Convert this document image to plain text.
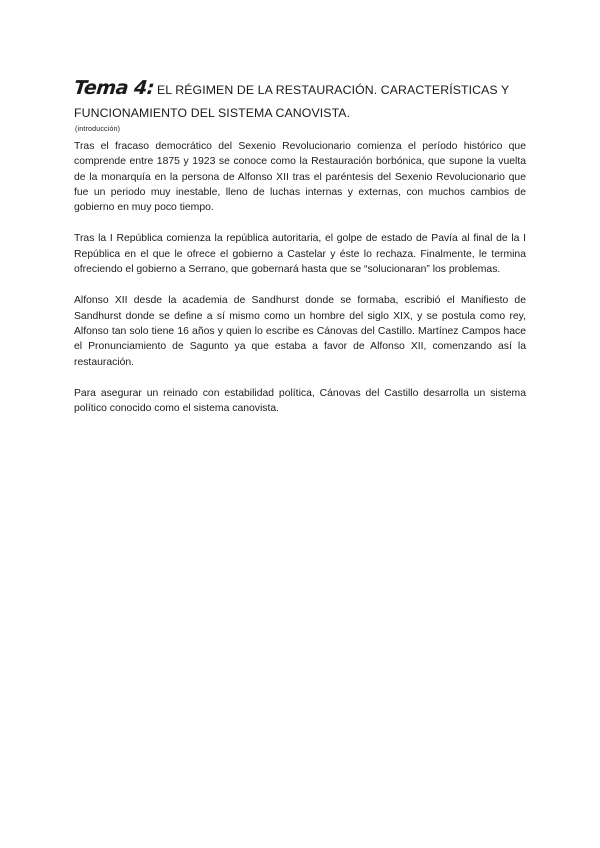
Tema 4: EL RÉGIMEN DE LA RESTAURACIÓN. CARACTERÍSTICAS Y

FUNCIONAMIENTO DEL SISTEMA CANOVISTA.

(introducción)

Tras el fracaso democrático del Sexenio Revolucionario comienza el período histórico que comprende entre 1875 y 1923 se conoce como la Restauración borbónica, que supone la vuelta de la monarquía en la persona de Alfonso XII tras el paréntesis del Sexenio Revolucionario que fue un periodo muy inestable, lleno de luchas internas y externas, con muchos cambios de gobierno en muy poco tiempo.

Tras la I República comienza la república autoritaria, el golpe de estado de Pavía al final de la I República en el que le ofrece el gobierno a Castelar y éste lo rechaza. Finalmente, le termina ofreciendo el gobierno a Serrano, que gobernará hasta que se “solucionaran” los problemas.

Alfonso XII desde la academia de Sandhurst donde se formaba, escribió el Manifiesto de Sandhurst donde se define a sí mismo como un hombre del siglo XIX, y se postula como rey, Alfonso tan solo tiene 16 años y quien lo escribe es Cánovas del Castillo. Martínez Campos hace el Pronunciamiento de Sagunto ya que estaba a favor de Alfonso XII, comenzando así la restauración.

Para asegurar un reinado con estabilidad política, Cánovas del Castillo desarrolla un sistema político conocido como el sistema canovista.
